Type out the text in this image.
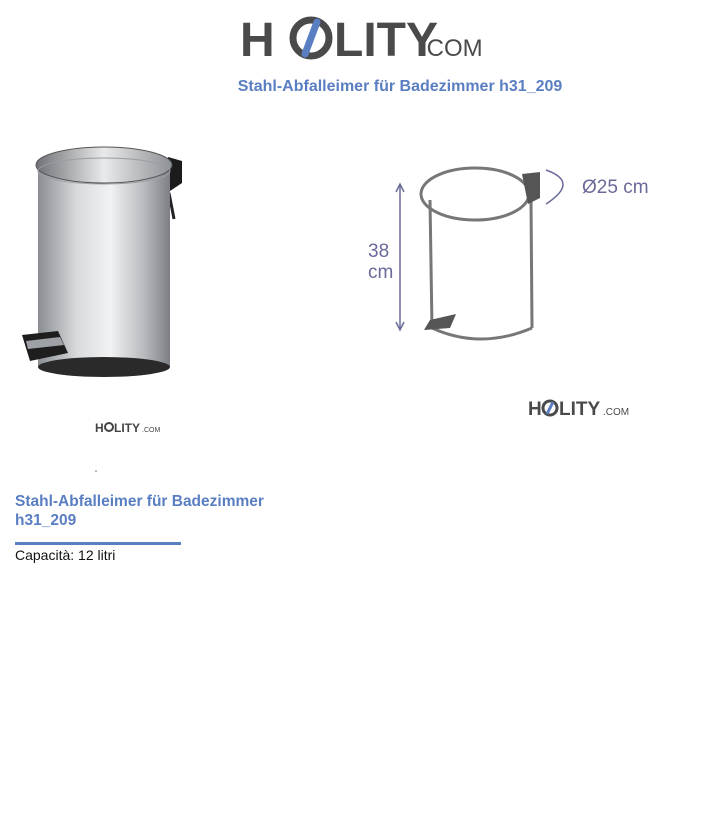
H LITY
.COM
Stahl-Abfalleimer für Badezimmer h31_209
38
cm
Ø25 cm
H LITY .COM
H LITY .COM
Stahl-Abfalleimer für Badezimmer
h31_209
Capacità: 12 litri
